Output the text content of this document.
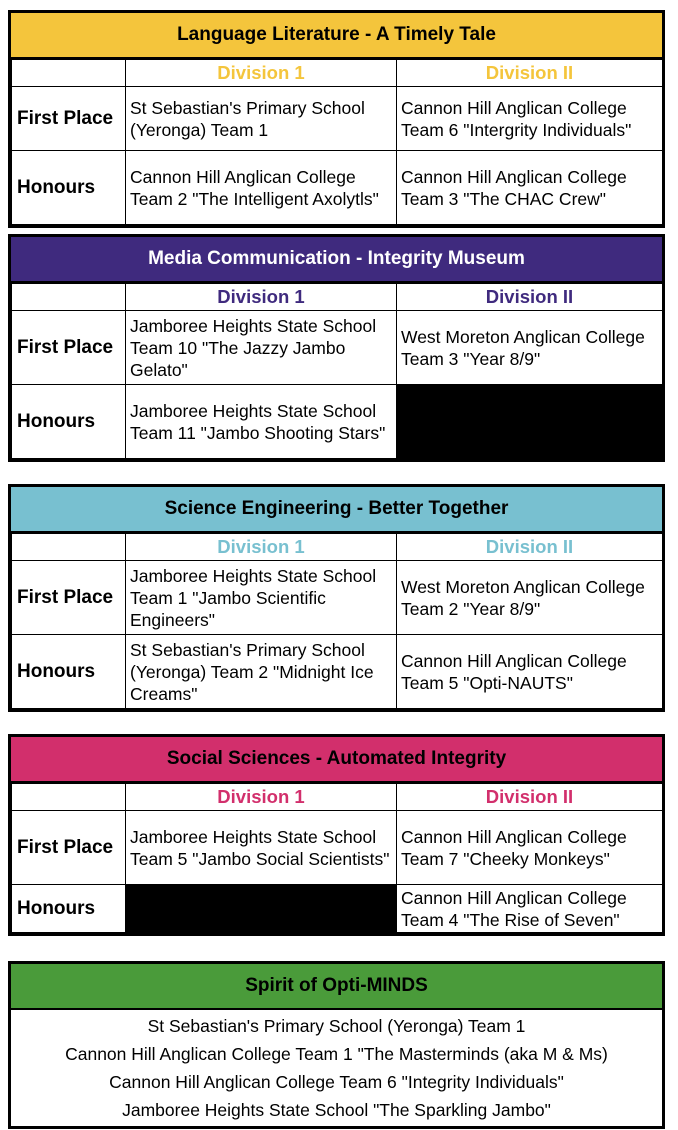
Language Literature - A Timely Tale
	Division 1	Division II
First Place	St Sebastian's Primary School (Yeronga) Team 1	Cannon Hill Anglican College Team 6 "Intergrity Individuals"
Honours	Cannon Hill Anglican College Team 2 "The Intelligent Axolytls"	Cannon Hill Anglican College Team 3 "The CHAC Crew"
Media Communication - Integrity Museum
	Division 1	Division II
First Place	Jamboree Heights State School Team 10 "The Jazzy Jambo Gelato"	West Moreton Anglican College Team 3 "Year 8/9"
Honours	Jamboree Heights State School Team 11 "Jambo Shooting Stars"	
Science Engineering - Better Together
	Division 1	Division II
First Place	Jamboree Heights State School Team 1 "Jambo Scientific Engineers"	West Moreton Anglican College Team 2 "Year 8/9"
Honours	St Sebastian's Primary School (Yeronga) Team 2 "Midnight Ice Creams"	Cannon Hill Anglican College Team 5 "Opti-NAUTS"
Social Sciences - Automated Integrity
	Division 1	Division II
First Place	Jamboree Heights State School Team 5 "Jambo Social Scientists"	Cannon Hill Anglican College Team 7 "Cheeky Monkeys"
Honours		Cannon Hill Anglican College Team 4 "The Rise of Seven"
Spirit of Opti-MINDS
St Sebastian's Primary School (Yeronga) Team 1
Cannon Hill Anglican College Team 1 "The Masterminds (aka M & Ms)
Cannon Hill Anglican College Team 6 "Integrity Individuals"
Jamboree Heights State School "The Sparkling Jambo"
